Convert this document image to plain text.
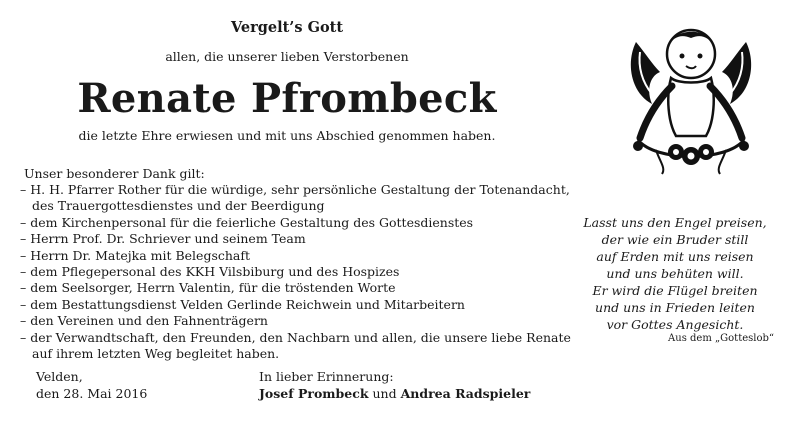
Vergelt’s Gott
allen, die unserer lieben Verstorbenen
Renate Pfrombeck
die letzte Ehre erwiesen und mit uns Abschied genommen haben.
Unser besonderer Dank gilt:
– H. H. Pfarrer Rother für die würdige, sehr persönliche Gestaltung der Totenandacht, des Trauergottesdienstes und der Beerdigung
– dem Kirchenpersonal für die feierliche Gestaltung des Gottesdienstes
– Herrn Prof. Dr. Schriever und seinem Team
– Herrn Dr. Matejka mit Belegschaft
– dem Pflegepersonal des KKH Vilsbiburg und des Hospizes
– dem Seelsorger, Herrn Valentin, für die tröstenden Worte
– dem Bestattungsdienst Velden Gerlinde Reichwein und Mitarbeitern
– den Vereinen und den Fahnenträgern
– der Verwandtschaft, den Freunden, den Nachbarn und allen, die unsere liebe Renate auf ihrem letzten Weg begleitet haben.
Lasst uns den Engel preisen,
der wie ein Bruder still
auf Erden mit uns reisen
und uns behüten will.
Er wird die Flügel breiten
und uns in Frieden leiten
vor Gottes Angesicht.
Aus dem „Gotteslob“
Velden,
den 28. Mai 2016
In lieber Erinnerung:
Josef Prombeck und Andrea Radspieler
